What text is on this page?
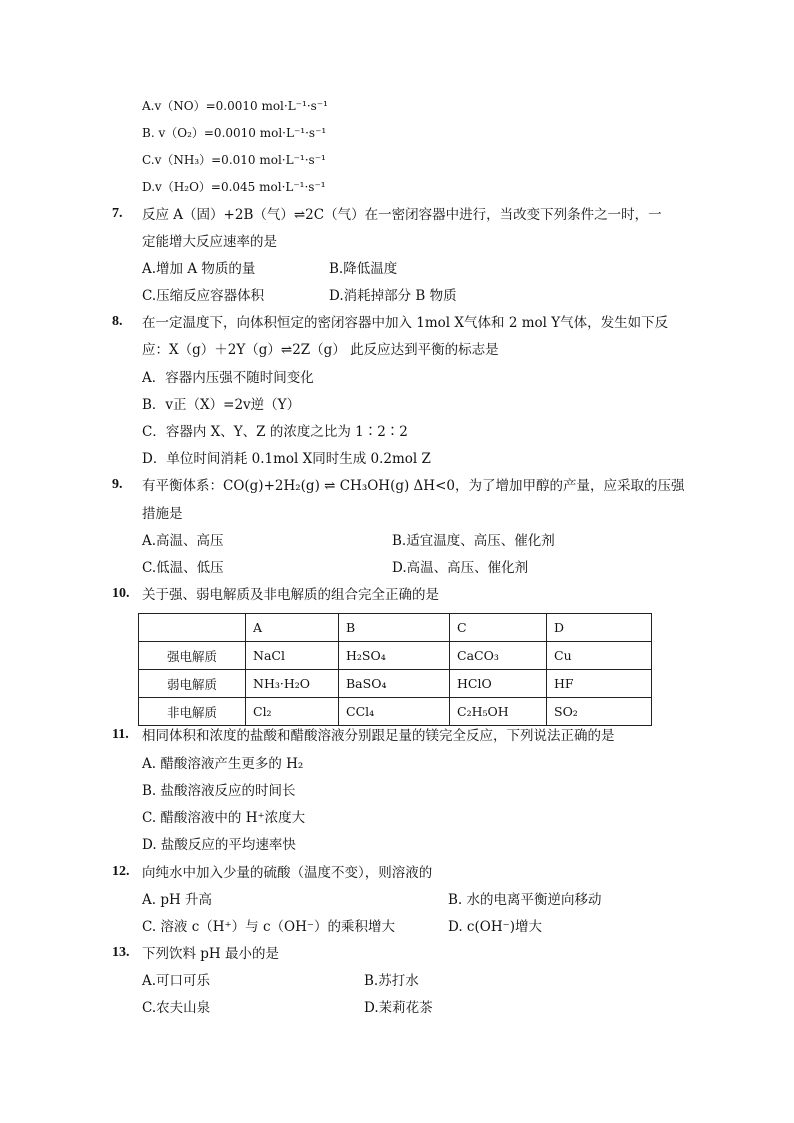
A.v（NO）=0.0010 mol·L⁻¹·s⁻¹
B. v（O₂）=0.0010 mol·L⁻¹·s⁻¹
C.v（NH₃）=0.010 mol·L⁻¹·s⁻¹
D.v（H₂O）=0.045 mol·L⁻¹·s⁻¹
7. 反应 A（固）+2B（气）⇌2C（气）在一密闭容器中进行，当改变下列条件之一时，一
定能增大反应速率的是
A.增加 A 物质的量	B.降低温度
C.压缩反应容器体积	D.消耗掉部分 B 物质
8. 在一定温度下，向体积恒定的密闭容器中加入 1mol X气体和 2 mol Y气体，发生如下反
应：X（g）＋2Y（g）⇌2Z（g） 此反应达到平衡的标志是
A．容器内压强不随时间变化
B．v正（X）=2v逆（Y）
C．容器内 X、Y、Z 的浓度之比为 1∶2∶2
D．单位时间消耗 0.1mol X同时生成 0.2mol Z
9. 有平衡体系：CO(g)+2H₂(g) ⇌ CH₃OH(g) ΔH<0，为了增加甲醇的产量，应采取的压强
措施是
A.高温、高压	B.适宜温度、高压、催化剂
C.低温、低压	D.高温、高压、催化剂
10. 关于强、弱电解质及非电解质的组合完全正确的是
	A	B	C	D
强电解质	NaCl	H₂SO₄	CaCO₃	Cu
弱电解质	NH₃·H₂O	BaSO₄	HClO	HF
非电解质	Cl₂	CCl₄	C₂H₅OH	SO₂
11. 相同体积和浓度的盐酸和醋酸溶液分别跟足量的镁完全反应，下列说法正确的是
A. 醋酸溶液产生更多的 H₂
B. 盐酸溶液反应的时间长
C. 醋酸溶液中的 H⁺浓度大
D. 盐酸反应的平均速率快
12. 向纯水中加入少量的硫酸（温度不变），则溶液的
A. pH 升高	B. 水的电离平衡逆向移动
C. 溶液 c（H⁺）与 c（OH⁻）的乘积增大	D. c(OH⁻)增大
13. 下列饮料 pH 最小的是
A.可口可乐	B.苏打水
C.农夫山泉	D.茉莉花茶
